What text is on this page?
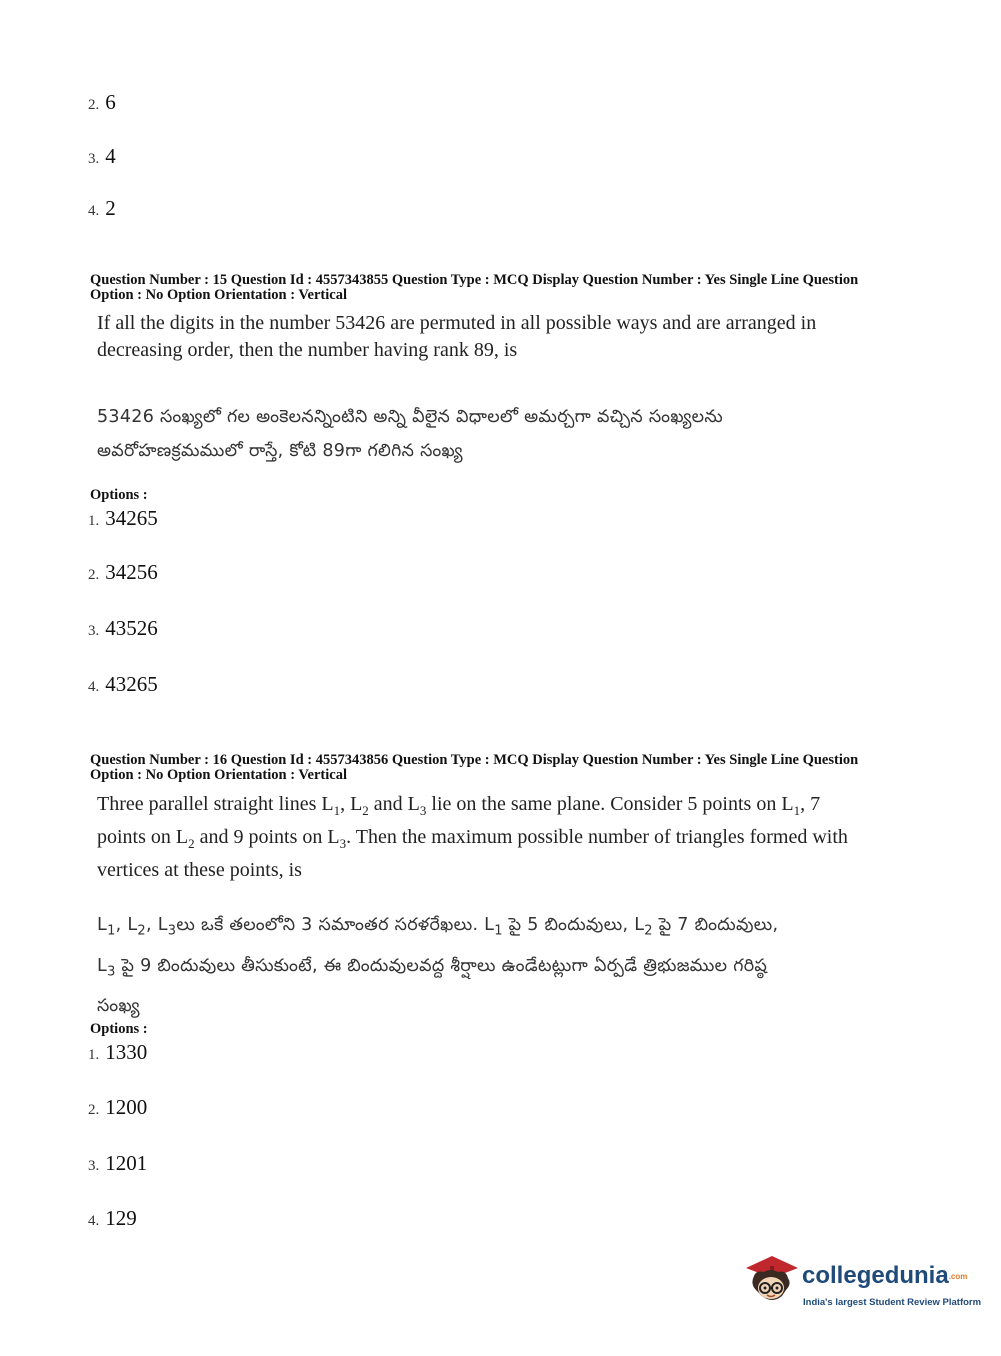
2. 6
3. 4
4. 2
Question Number : 15 Question Id : 4557343855 Question Type : MCQ Display Question Number : Yes Single Line Question
Option : No Option Orientation : Vertical
If all the digits in the number 53426 are permuted in all possible ways and are arranged in decreasing order, then the number having rank 89, is
53426 సంఖ్యలో గల అంకెలనన్నింటిని అన్ని వీలైన విధాలలో అమర్చగా వచ్చిన సంఖ్యలను
అవరోహణక్రమములో రాస్తే, కోటి 89గా గలిగిన సంఖ్య
Options :
1. 34265
2. 34256
3. 43526
4. 43265
Question Number : 16 Question Id : 4557343856 Question Type : MCQ Display Question Number : Yes Single Line Question
Option : No Option Orientation : Vertical
Three parallel straight lines $L_1$, $L_2$ and $L_3$ lie on the same plane. Consider 5 points on $L_1$, 7 points on $L_2$ and 9 points on $L_3$. Then the maximum possible number of triangles formed with vertices at these points, is
$L_1$, $L_2$, $L_3లు$ ఒకే తలంలోని 3 సమాంతర సరళరేఖలు. $L_1$ పై 5 బిందువులు, $L_2$ పై 7 బిందువులు,
$L_3$ పై 9 బిందువులు తీసుకుంటే, ఈ బిందువులవద్ద శీర్షాలు ఉండేటట్లుగా ఏర్పడే త్రిభుజముల గరిష్ఠ
సంఖ్య
Options :
1. 1330
2. 1200
3. 1201
4. 129
collegedunia.com
India's largest Student Review Platform
